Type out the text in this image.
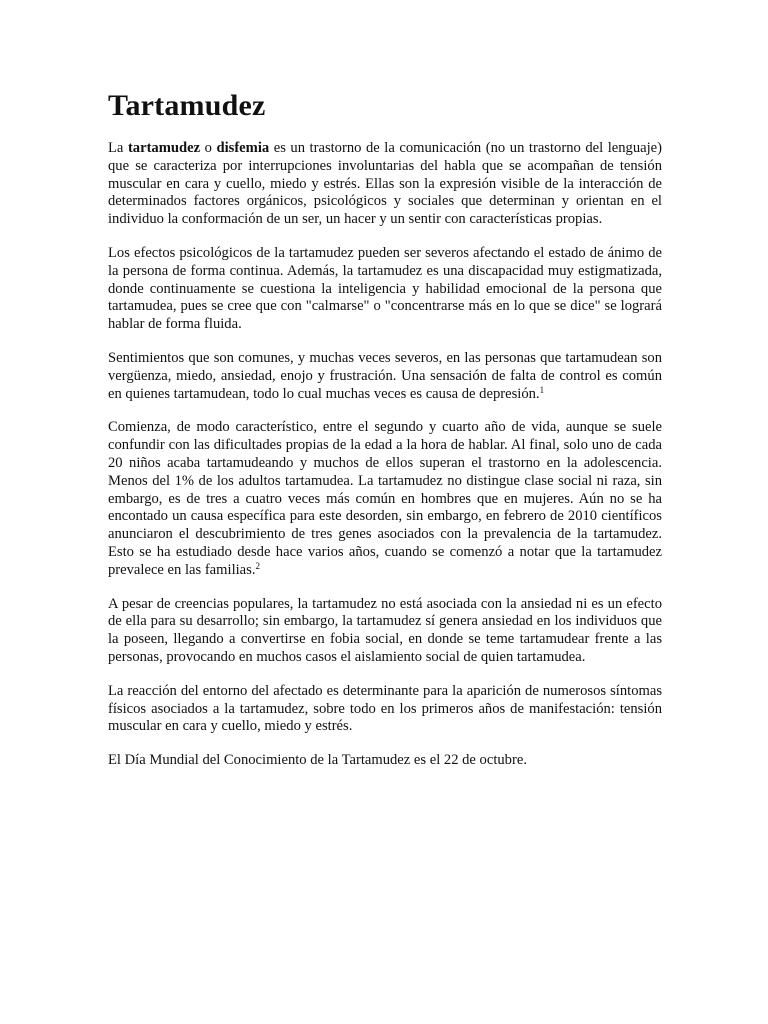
Tartamudez

La tartamudez o disfemia es un trastorno de la comunicación (no un trastorno del lenguaje) que se caracteriza por interrupciones involuntarias del habla que se acompañan de tensión muscular en cara y cuello, miedo y estrés. Ellas son la expresión visible de la interacción de determinados factores orgánicos, psicológicos y sociales que determinan y orientan en el individuo la conformación de un ser, un hacer y un sentir con características propias.

Los efectos psicológicos de la tartamudez pueden ser severos afectando el estado de ánimo de la persona de forma continua. Además, la tartamudez es una discapacidad muy estigmatizada, donde continuamente se cuestiona la inteligencia y habilidad emocional de la persona que tartamudea, pues se cree que con "calmarse" o "concentrarse más en lo que se dice" se logrará hablar de forma fluida.

Sentimientos que son comunes, y muchas veces severos, en las personas que tartamudean son vergüenza, miedo, ansiedad, enojo y frustración. Una sensación de falta de control es común en quienes tartamudean, todo lo cual muchas veces es causa de depresión.$^1$

Comienza, de modo característico, entre el segundo y cuarto año de vida, aunque se suele confundir con las dificultades propias de la edad a la hora de hablar. Al final, solo uno de cada 20 niños acaba tartamudeando y muchos de ellos superan el trastorno en la adolescencia. Menos del 1% de los adultos tartamudea. La tartamudez no distingue clase social ni raza, sin embargo, es de tres a cuatro veces más común en hombres que en mujeres. Aún no se ha encontado un causa específica para este desorden, sin embargo, en febrero de 2010 científicos anunciaron el descubrimiento de tres genes asociados con la prevalencia de la tartamudez. Esto se ha estudiado desde hace varios años, cuando se comenzó a notar que la tartamudez prevalece en las familias.$^2$

A pesar de creencias populares, la tartamudez no está asociada con la ansiedad ni es un efecto de ella para su desarrollo; sin embargo, la tartamudez sí genera ansiedad en los individuos que la poseen, llegando a convertirse en fobia social, en donde se teme tartamudear frente a las personas, provocando en muchos casos el aislamiento social de quien tartamudea.

La reacción del entorno del afectado es determinante para la aparición de numerosos síntomas físicos asociados a la tartamudez, sobre todo en los primeros años de manifestación: tensión muscular en cara y cuello, miedo y estrés.

El Día Mundial del Conocimiento de la Tartamudez es el 22 de octubre.
